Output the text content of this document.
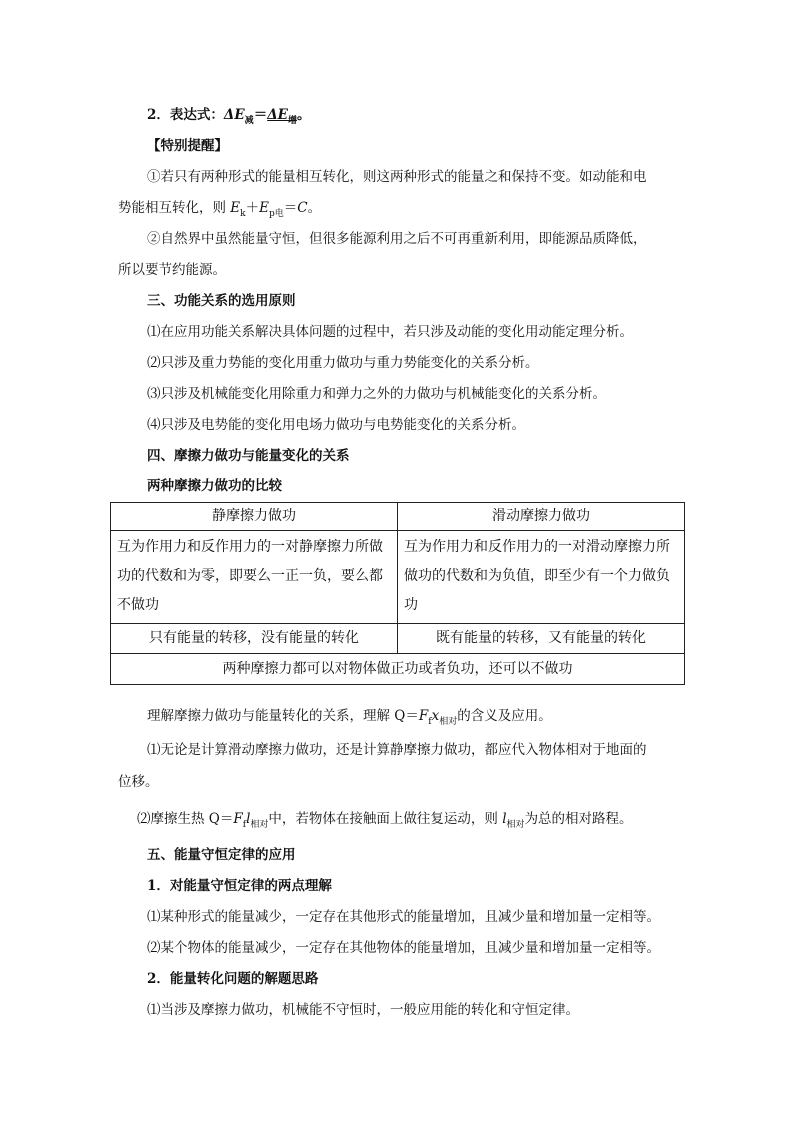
2．表达式：$\Delta E_减=\Delta E_增$。
【特别提醒】
①若只有两种形式的能量相互转化，则这两种形式的能量之和保持不变。如动能和电
势能相互转化，则 $E_k+E_{p电}=C$。
②自然界中虽然能量守恒，但很多能源利用之后不可再重新利用，即能源品质降低，
所以要节约能源。
三、功能关系的选用原则
⑴在应用功能关系解决具体问题的过程中，若只涉及动能的变化用动能定理分析。
⑵只涉及重力势能的变化用重力做功与重力势能变化的关系分析。
⑶只涉及机械能变化用除重力和弹力之外的力做功与机械能变化的关系分析。
⑷只涉及电势能的变化用电场力做功与电势能变化的关系分析。
四、摩擦力做功与能量变化的关系
两种摩擦力做功的比较
静摩擦力做功	滑动摩擦力做功
互为作用力和反作用力的一对静摩擦力所做功的代数和为零，即要么一正一负，要么都不做功	互为作用力和反作用力的一对滑动摩擦力所做功的代数和为负值，即至少有一个力做负功
只有能量的转移，没有能量的转化	既有能量的转移，又有能量的转化
两种摩擦力都可以对物体做正功或者负功，还可以不做功	
理解摩擦力做功与能量转化的关系，理解 $Q=F_fx_{相对}$的含义及应用。
⑴无论是计算滑动摩擦力做功，还是计算静摩擦力做功，都应代入物体相对于地面的
位移。
⑵摩擦生热 $Q=F_fl_{相对}$中，若物体在接触面上做往复运动，则 $l_{相对}$为总的相对路程。
五、能量守恒定律的应用
1．对能量守恒定律的两点理解
⑴某种形式的能量减少，一定存在其他形式的能量增加，且减少量和增加量一定相等。
⑵某个物体的能量减少，一定存在其他物体的能量增加，且减少量和增加量一定相等。
2．能量转化问题的解题思路
⑴当涉及摩擦力做功，机械能不守恒时，一般应用能的转化和守恒定律。
